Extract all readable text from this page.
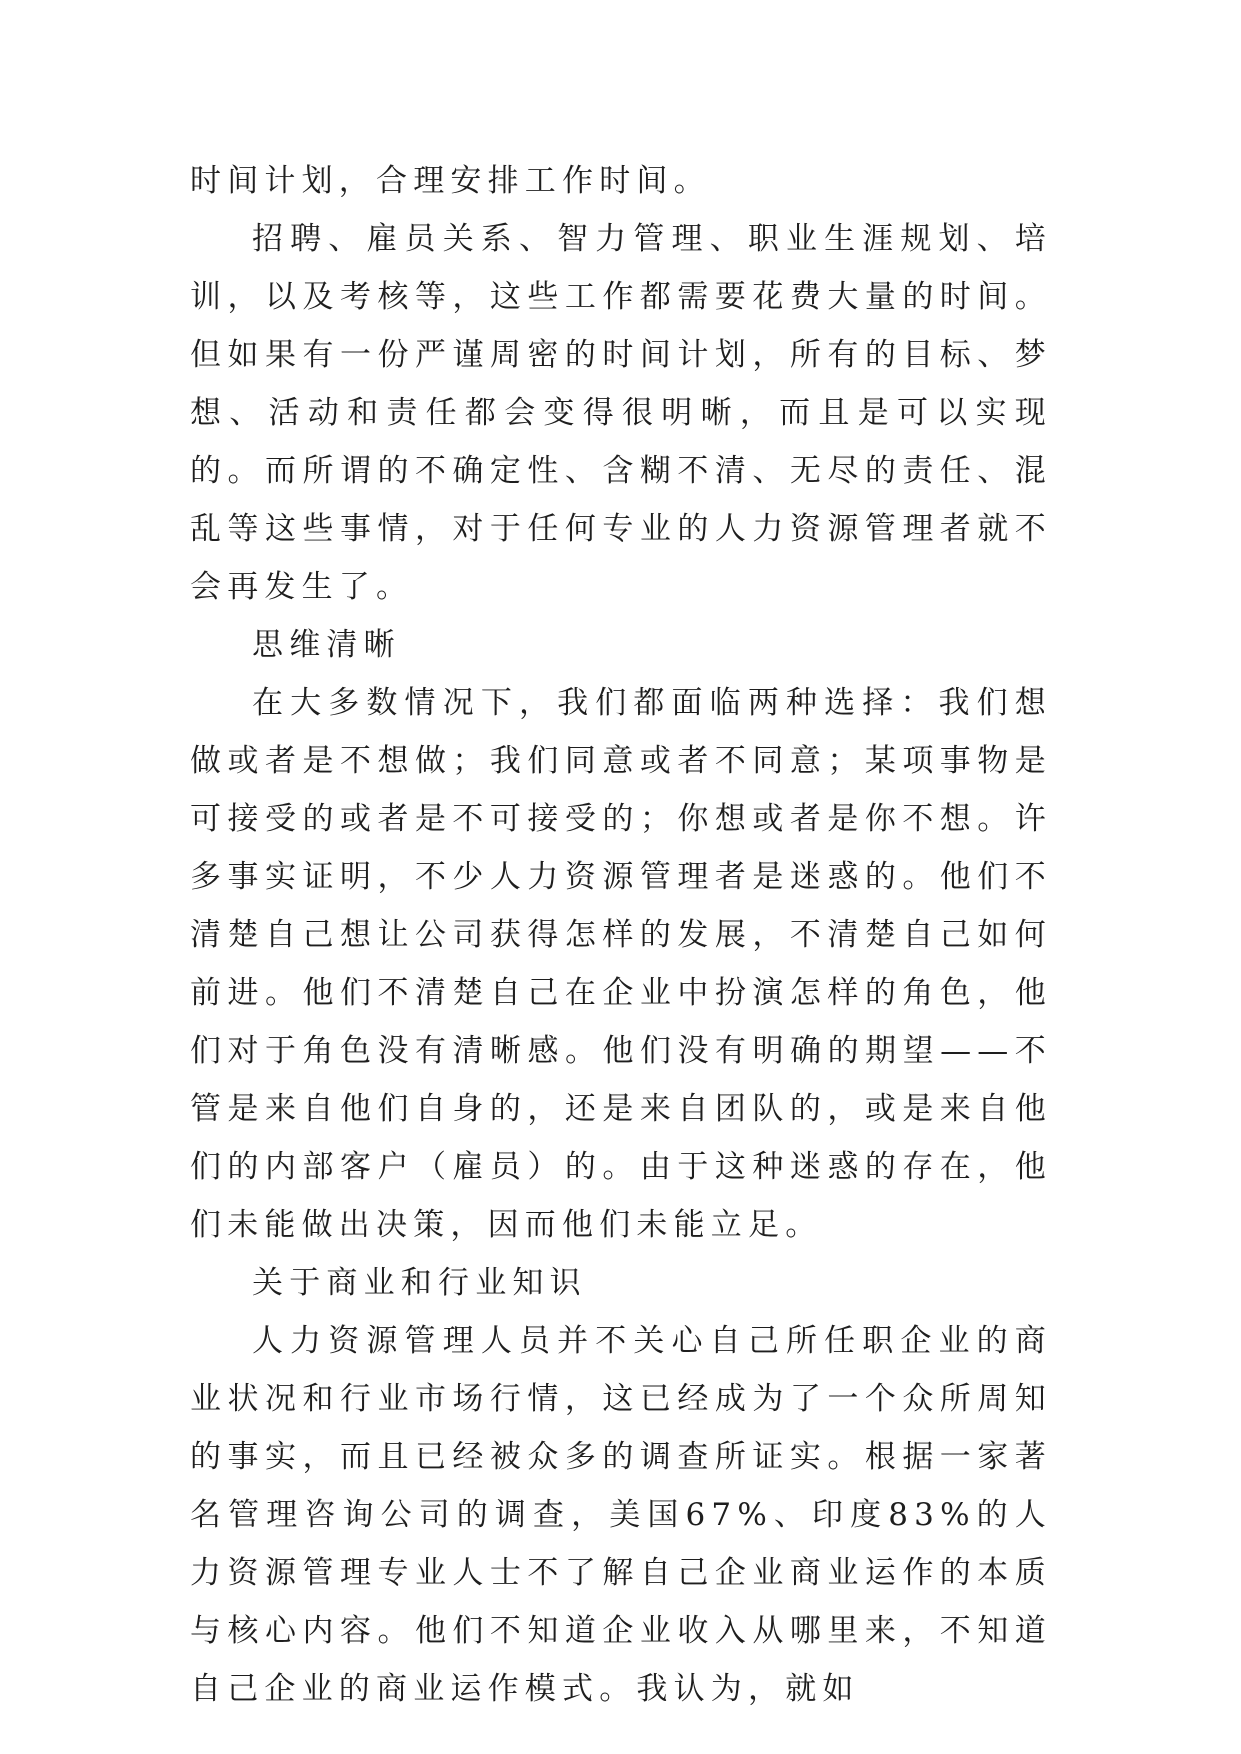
时间计划，合理安排工作时间。

招聘、雇员关系、智力管理、职业生涯规划、培训，以及考核等，这些工作都需要花费大量的时间。但如果有一份严谨周密的时间计划，所有的目标、梦想、活动和责任都会变得很明晰，而且是可以实现的。而所谓的不确定性、含糊不清、无尽的责任、混乱等这些事情，对于任何专业的人力资源管理者就不会再发生了。

思维清晰

在大多数情况下，我们都面临两种选择：我们想做或者是不想做；我们同意或者不同意；某项事物是可接受的或者是不可接受的；你想或者是你不想。许多事实证明，不少人力资源管理者是迷惑的。他们不清楚自己想让公司获得怎样的发展，不清楚自己如何前进。他们不清楚自己在企业中扮演怎样的角色，他们对于角色没有清晰感。他们没有明确的期望——不管是来自他们自身的，还是来自团队的，或是来自他们的内部客户（雇员）的。由于这种迷惑的存在，他们未能做出决策，因而他们未能立足。

关于商业和行业知识

人力资源管理人员并不关心自己所任职企业的商业状况和行业市场行情，这已经成为了一个众所周知的事实，而且已经被众多的调查所证实。根据一家著名管理咨询公司的调查，美国67%、印度83%的人力资源管理专业人士不了解自己企业商业运作的本质与核心内容。他们不知道企业收入从哪里来，不知道自己企业的商业运作模式。我认为，就如
